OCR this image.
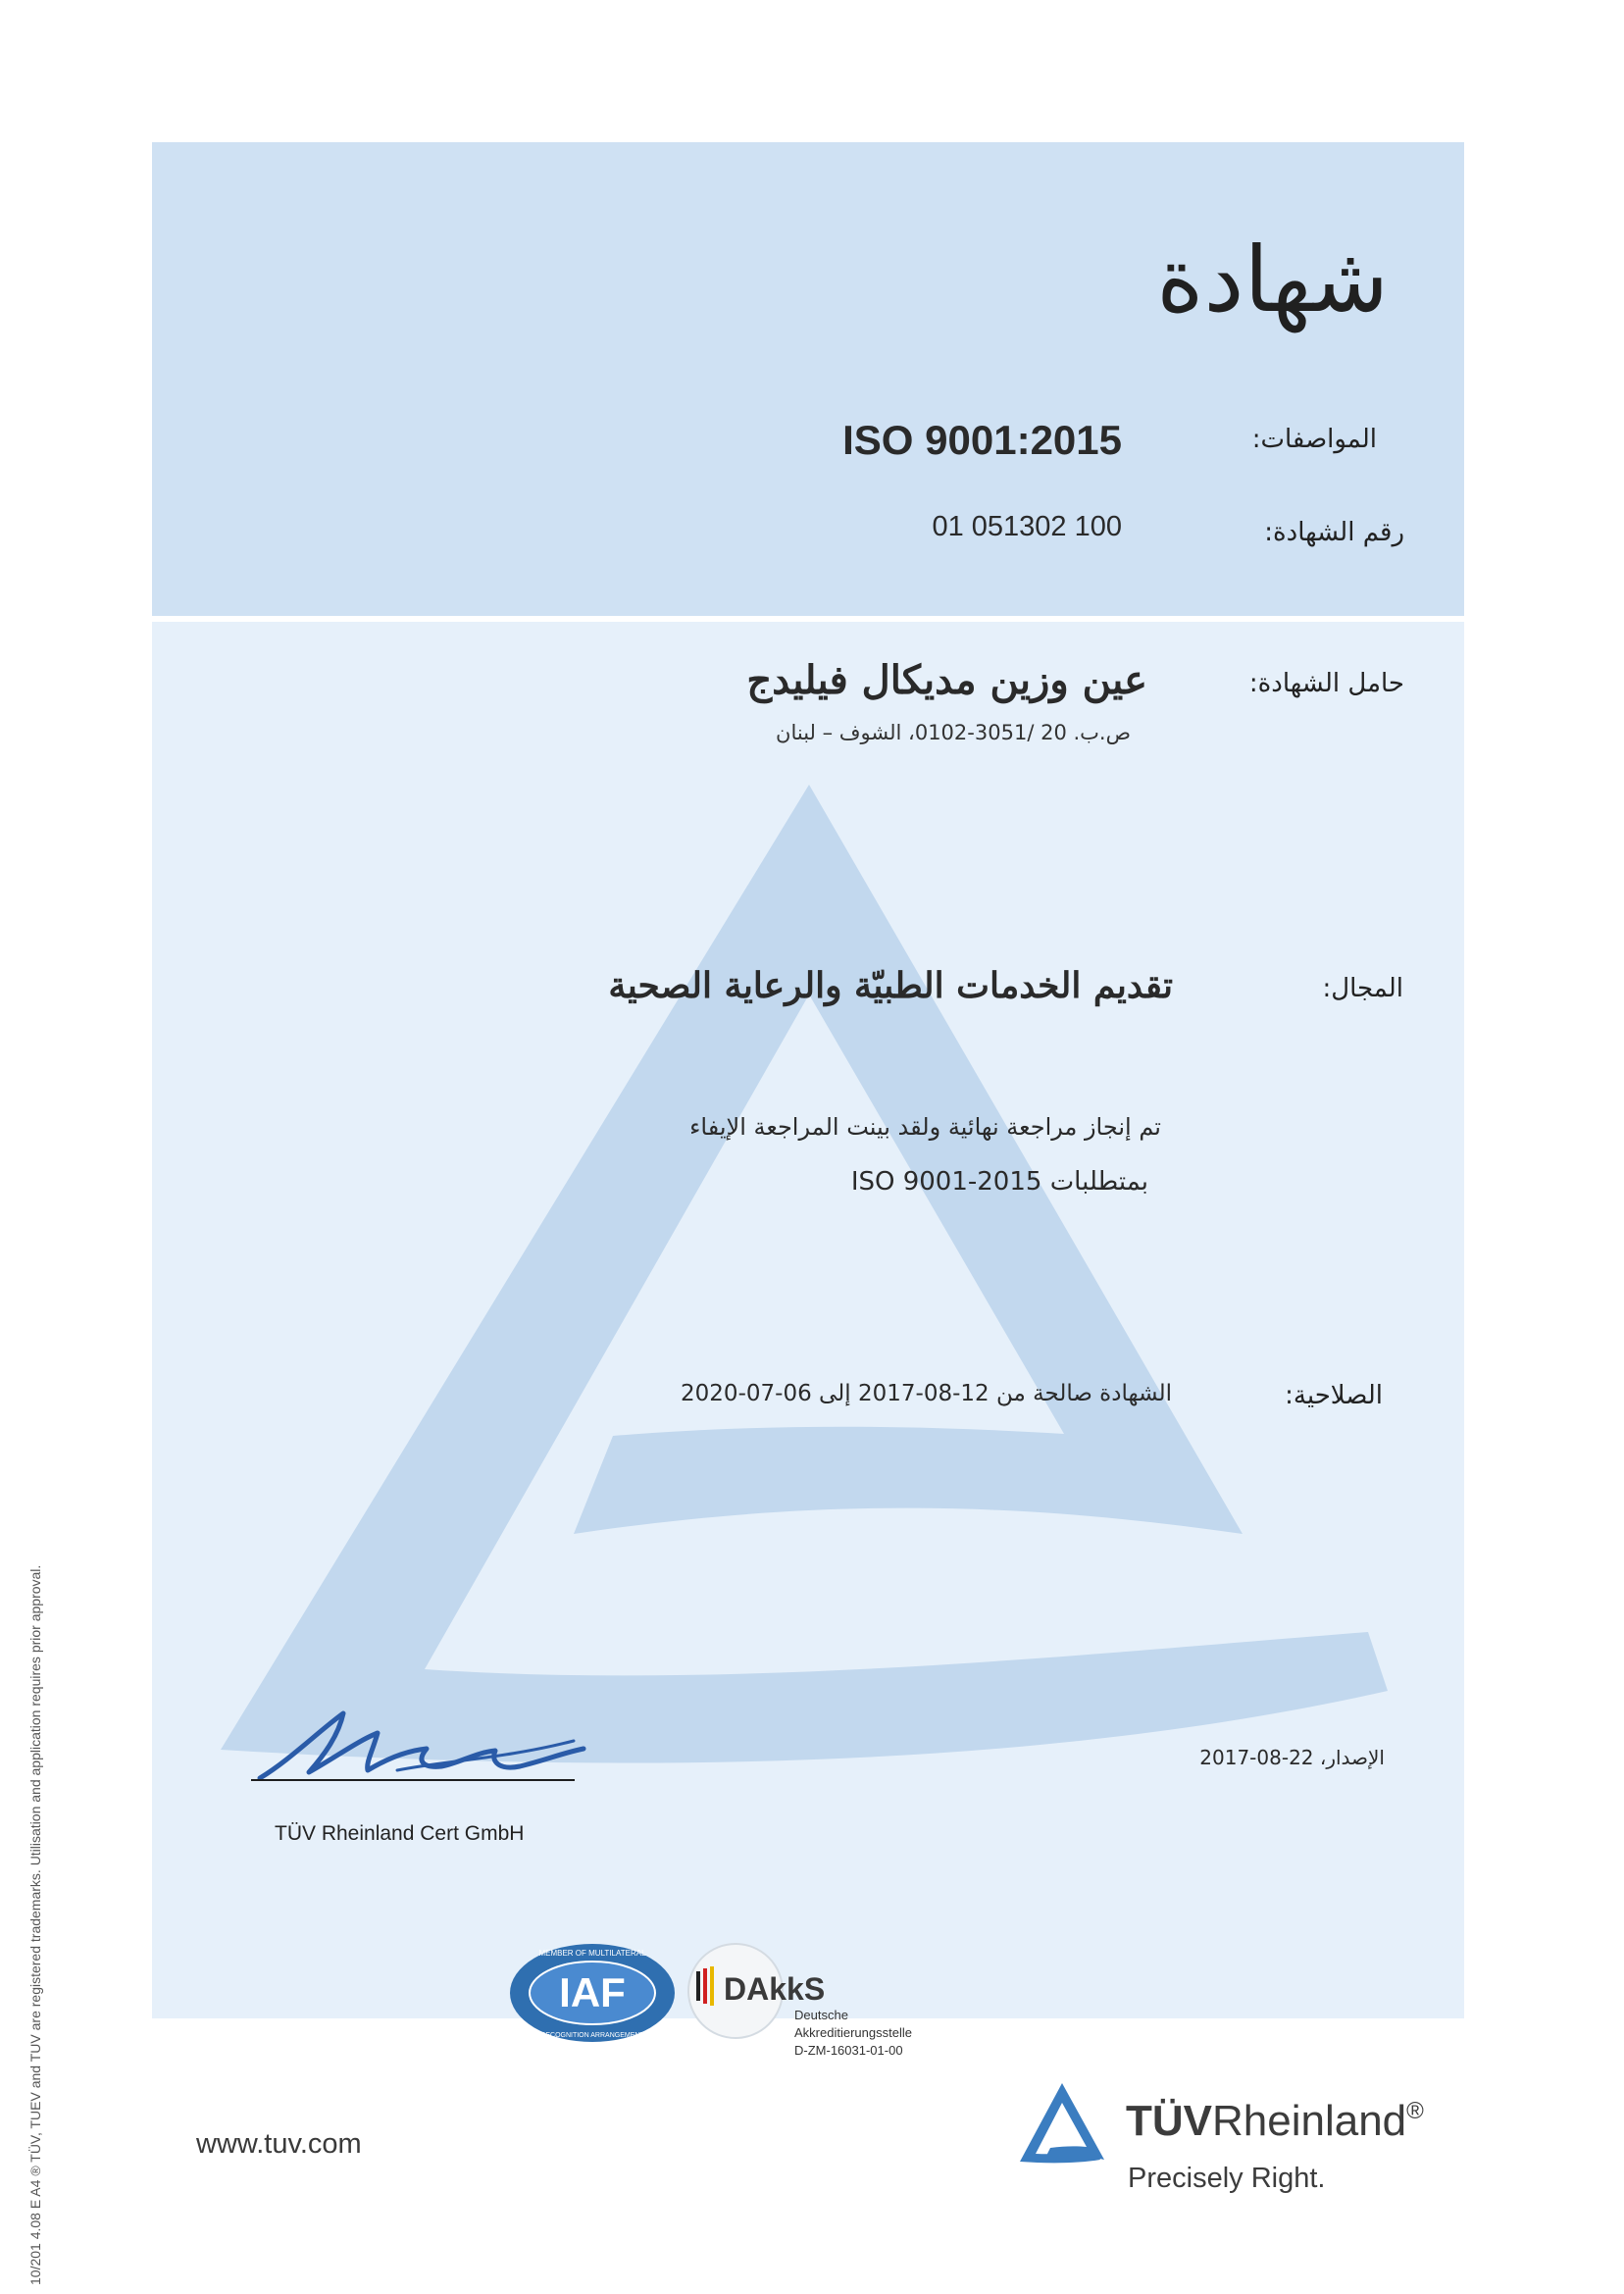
شهادة
المواصفات:
ISO 9001:2015
رقم الشهادة:
01 051302 100
حامل الشهادة:
عين وزين مديكال فيليدج
ص.ب. 20 /3051-0102، الشوف – لبنان
المجال:
تقديم الخدمات الطبيّة والرعاية الصحية
تم إنجاز مراجعة نهائية ولقد بينت المراجعة الإيفاء
بمتطلبات ISO 9001-2015
الصلاحية:
الشهادة صالحة من 12-08-2017 إلى 06-07-2020
الإصدار، 22-08-2017
TÜV Rheinland Cert GmbH
IAF
MEMBER OF MULTILATERAL
RECOGNITION ARRANGEMENT
DAkkS
Deutsche
Akkreditierungsstelle
D-ZM-16031-01-00
www.tuv.com	TÜVRheinland®
Precisely Right.
10/201 4.08 E A4 ® TÜV, TUEV and TUV are registered trademarks. Utilisation and application requires prior approval.
